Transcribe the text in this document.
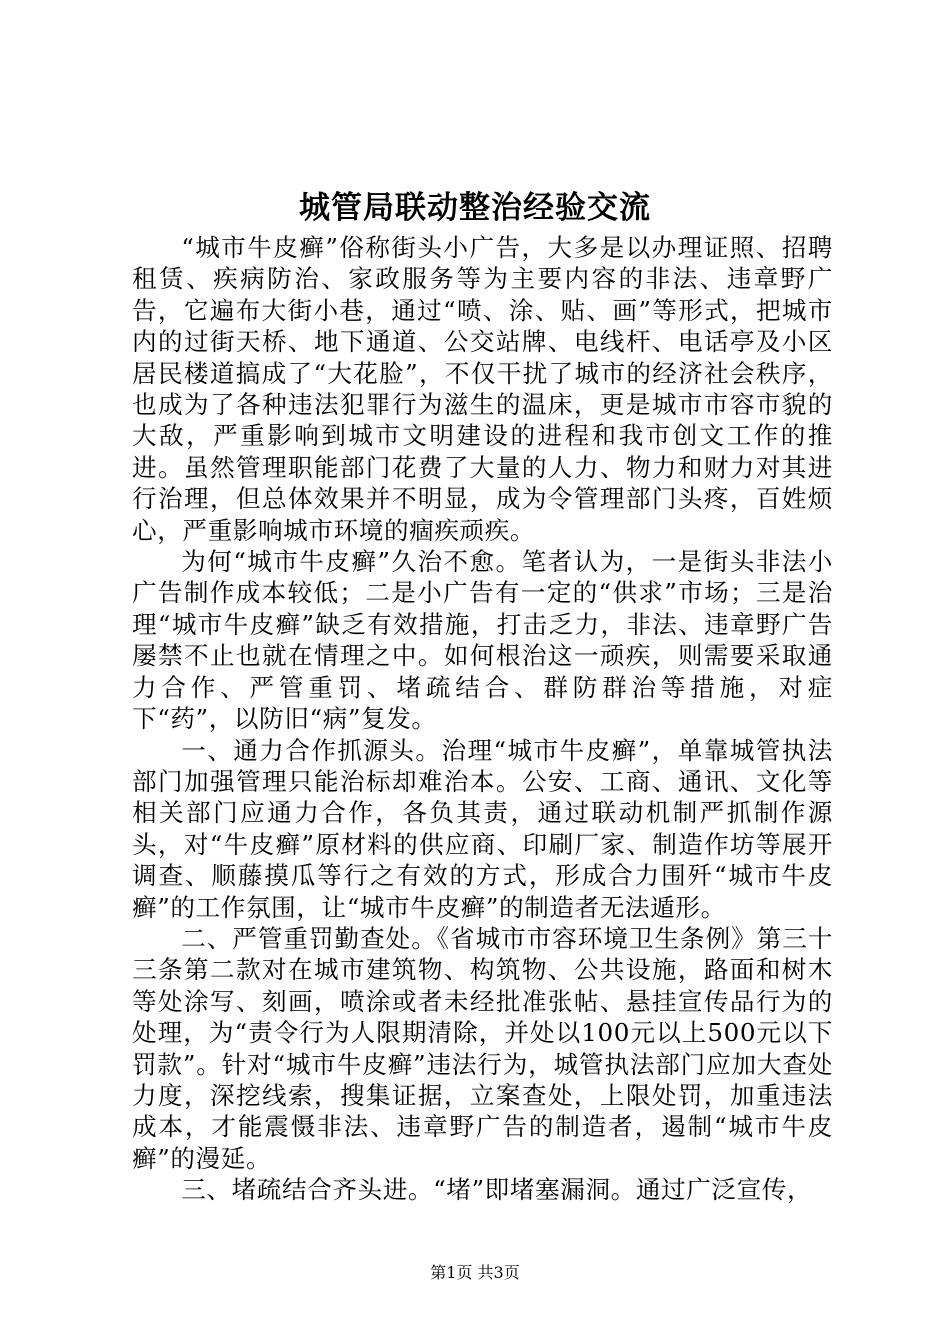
城管局联动整治经验交流

“城市牛皮癣”俗称街头小广告，大多是以办理证照、招聘租赁、疾病防治、家政服务等为主要内容的非法、违章野广告，它遍布大街小巷，通过“喷、涂、贴、画”等形式，把城市内的过街天桥、地下通道、公交站牌、电线杆、电话亭及小区居民楼道搞成了“大花脸”，不仅干扰了城市的经济社会秩序，也成为了各种违法犯罪行为滋生的温床，更是城市市容市貌的大敌，严重影响到城市文明建设的进程和我市创文工作的推进。虽然管理职能部门花费了大量的人力、物力和财力对其进行治理，但总体效果并不明显，成为令管理部门头疼，百姓烦心，严重影响城市环境的痼疾顽疾。

为何“城市牛皮癣”久治不愈。笔者认为，一是街头非法小广告制作成本较低；二是小广告有一定的“供求”市场；三是治理“城市牛皮癣”缺乏有效措施，打击乏力，非法、违章野广告屡禁不止也就在情理之中。如何根治这一顽疾，则需要采取通力合作、严管重罚、堵疏结合、群防群治等措施，对症下“药”，以防旧“病”复发。

一、通力合作抓源头。治理“城市牛皮癣”，单靠城管执法部门加强管理只能治标却难治本。公安、工商、通讯、文化等相关部门应通力合作，各负其责，通过联动机制严抓制作源头，对“牛皮癣”原材料的供应商、印刷厂家、制造作坊等展开调查、顺藤摸瓜等行之有效的方式，形成合力围歼“城市牛皮癣”的工作氛围，让“城市牛皮癣”的制造者无法遁形。

二、严管重罚勤查处。《省城市市容环境卫生条例》第三十三条第二款对在城市建筑物、构筑物、公共设施，路面和树木等处涂写、刻画，喷涂或者未经批准张帖、悬挂宣传品行为的处理，为“责令行为人限期清除，并处以100元以上500元以下罚款”。针对“城市牛皮癣”违法行为，城管执法部门应加大查处力度，深挖线索，搜集证据，立案查处，上限处罚，加重违法成本，才能震慑非法、违章野广告的制造者，遏制“城市牛皮癣”的漫延。

三、堵疏结合齐头进。“堵”即堵塞漏洞。通过广泛宣传，

第1页 共3页
